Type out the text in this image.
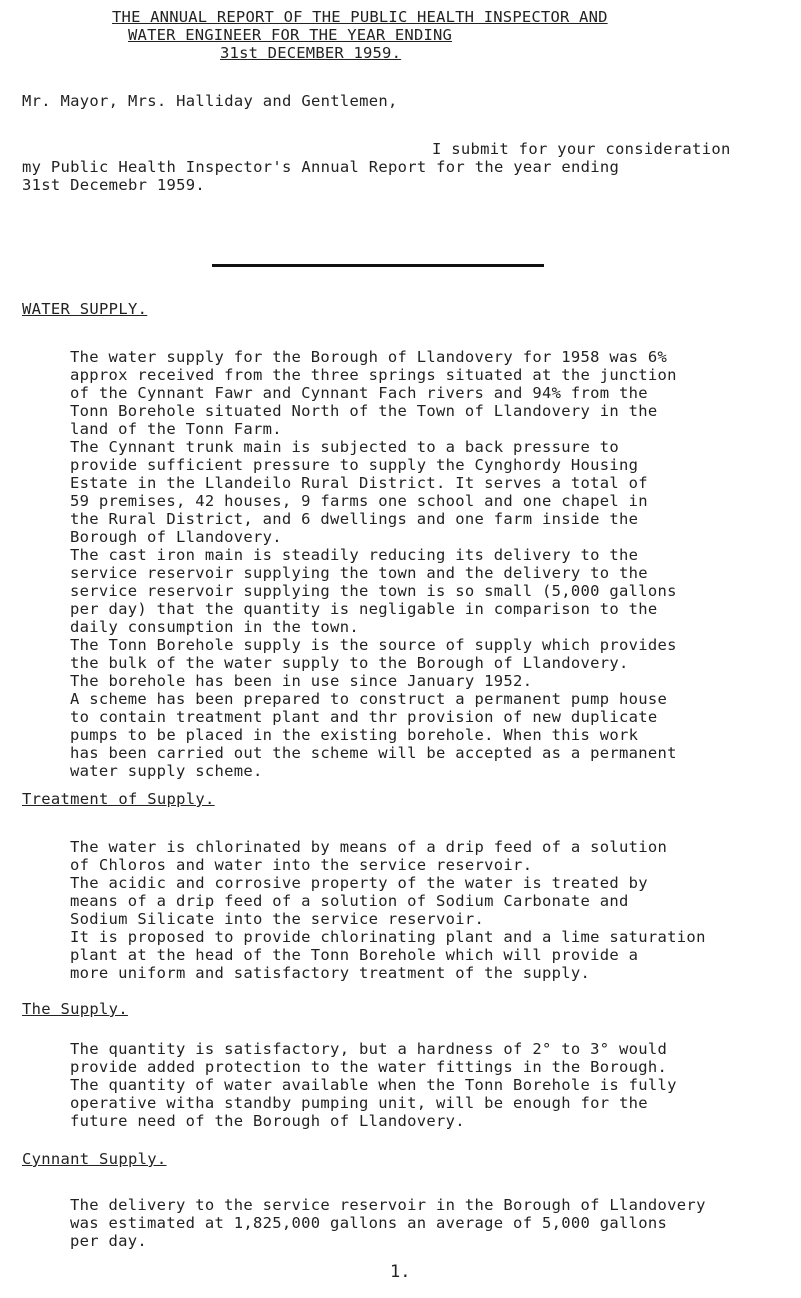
THE ANNUAL REPORT OF THE PUBLIC HEALTH INSPECTOR AND
WATER ENGINEER FOR THE YEAR ENDING
31st DECEMBER 1959.
Mr. Mayor, Mrs. Halliday and Gentlemen,
I submit for your consideration
my Public Health Inspector's Annual Report for the year ending
31st Decemebr 1959.
WATER SUPPLY.
The water supply for the Borough of Llandovery for 1958 was 6%
approx received from the three springs situated at the junction
of the Cynnant Fawr and Cynnant Fach rivers and 94% from the
Tonn Borehole situated North of the Town of Llandovery in the
land of the Tonn Farm.
The Cynnant trunk main is subjected to a back pressure to
provide sufficient pressure to supply the Cynghordy Housing
Estate in the Llandeilo Rural District. It serves a total of
59 premises, 42 houses, 9 farms one school and one chapel in
the Rural District, and 6 dwellings and one farm inside the
Borough of Llandovery.
The cast iron main is steadily reducing its delivery to the
service reservoir supplying the town and the delivery to the
service reservoir supplying the town is so small (5,000 gallons
per day) that the quantity is negligable in comparison to the
daily consumption in the town.
The Tonn Borehole supply is the source of supply which provides
the bulk of the water supply to the Borough of Llandovery.
The borehole has been in use since January 1952.
A scheme has been prepared to construct a permanent pump house
to contain treatment plant and thr provision of new duplicate
pumps to be placed in the existing borehole. When this work
has been carried out the scheme will be accepted as a permanent
water supply scheme.
Treatment of Supply.
The water is chlorinated by means of a drip feed of a solution
of Chloros and water into the service reservoir.
The acidic and corrosive property of the water is treated by
means of a drip feed of a solution of Sodium Carbonate and
Sodium Silicate into the service reservoir.
It is proposed to provide chlorinating plant and a lime saturation
plant at the head of the Tonn Borehole which will provide a
more uniform and satisfactory treatment of the supply.
The Supply.
The quantity is satisfactory, but a hardness of 2° to 3° would
provide added protection to the water fittings in the Borough.
The quantity of water available when the Tonn Borehole is fully
operative witha standby pumping unit, will be enough for the
future need of the Borough of Llandovery.
Cynnant Supply.
The delivery to the service reservoir in the Borough of Llandovery
was estimated at 1,825,000 gallons an average of 5,000 gallons
per day.
1.
